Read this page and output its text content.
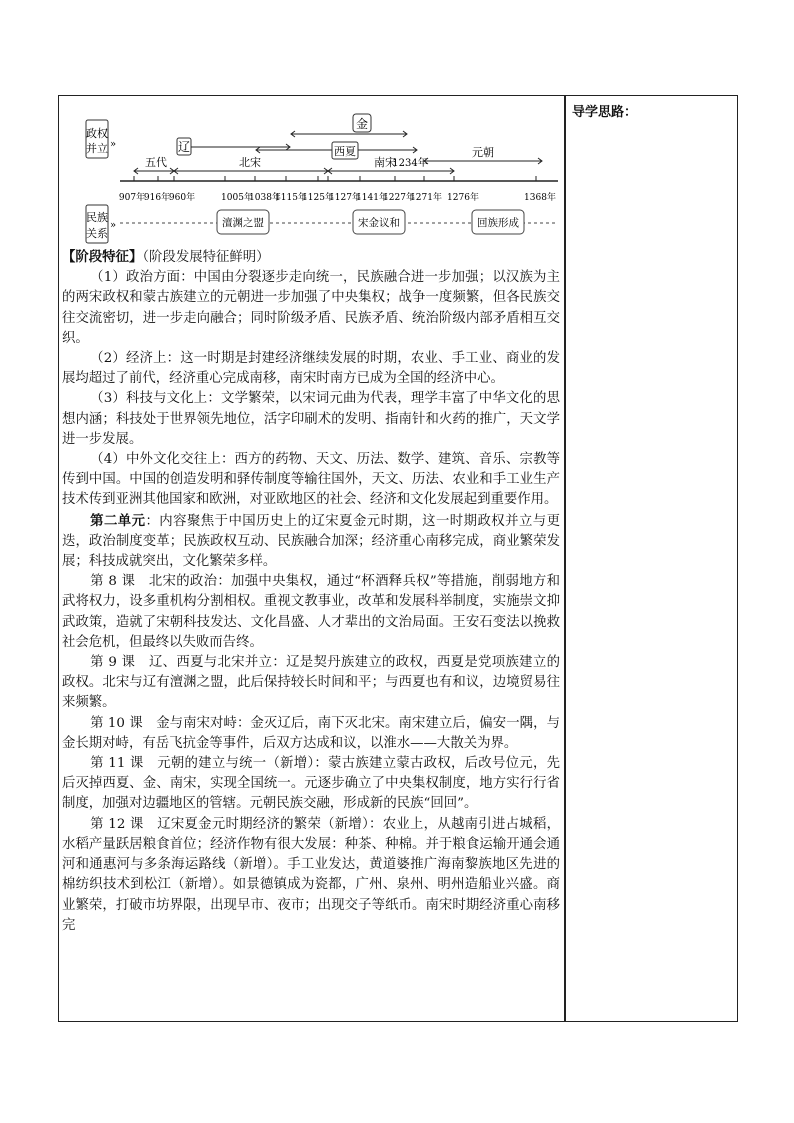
导学思路：
政权
并立 »
民族
关系
»
金
辽	西夏
五代	北宋	南宋
1234年
元朝
907年
916年
960年	1005年
1038年
1115年
1125年
1127年
1141年
1227年
1271年 1276年	1368年
澶渊之盟	宋金议和	回族形成

【阶段特征】（阶段发展特征鲜明）

（1）政治方面：中国由分裂逐步走向统一，民族融合进一步加强；以汉族为主的两宋政权和蒙古族建立的元朝进一步加强了中央集权；战争一度频繁，但各民族交往交流密切，进一步走向融合；同时阶级矛盾、民族矛盾、统治阶级内部矛盾相互交织。

（2）经济上：这一时期是封建经济继续发展的时期，农业、手工业、商业的发展均超过了前代，经济重心完成南移，南宋时南方已成为全国的经济中心。

（3）科技与文化上：文学繁荣，以宋词元曲为代表，理学丰富了中华文化的思想内涵；科技处于世界领先地位，活字印刷术的发明、指南针和火药的推广，天文学进一步发展。

（4）中外文化交往上：西方的药物、天文、历法、数学、建筑、音乐、宗教等传到中国。中国的创造发明和驿传制度等输往国外，天文、历法、农业和手工业生产技术传到亚洲其他国家和欧洲，对亚欧地区的社会、经济和文化发展起到重要作用。

第二单元：内容聚焦于中国历史上的辽宋夏金元时期，这一时期政权并立与更迭，政治制度变革；民族政权互动、民族融合加深；经济重心南移完成，商业繁荣发展；科技成就突出，文化繁荣多样。

第 8 课　北宋的政治：加强中央集权，通过“杯酒释兵权”等措施，削弱地方和武将权力，设多重机构分割相权。重视文教事业，改革和发展科举制度，实施崇文抑武政策，造就了宋朝科技发达、文化昌盛、人才辈出的文治局面。王安石变法以挽救社会危机，但最终以失败而告终。

第 9 课　辽、西夏与北宋并立：辽是契丹族建立的政权，西夏是党项族建立的政权。北宋与辽有澶渊之盟，此后保持较长时间和平；与西夏也有和议，边境贸易往来频繁。

第 10 课　金与南宋对峙：金灭辽后，南下灭北宋。南宋建立后，偏安一隅，与金长期对峙，有岳飞抗金等事件，后双方达成和议，以淮水——大散关为界。

第 11 课　元朝的建立与统一（新增）：蒙古族建立蒙古政权，后改号位元，先后灭掉西夏、金、南宋，实现全国统一。元逐步确立了中央集权制度，地方实行行省制度，加强对边疆地区的管辖。元朝民族交融，形成新的民族“回回”。

第 12 课　辽宋夏金元时期经济的繁荣（新增）：农业上，从越南引进占城稻，水稻产量跃居粮食首位；经济作物有很大发展：种茶、种棉。并于粮食运输开通会通河和通惠河与多条海运路线（新增）。手工业发达，黄道婆推广海南黎族地区先进的棉纺织技术到松江（新增）。如景德镇成为瓷都，广州、泉州、明州造船业兴盛。商业繁荣，打破市坊界限，出现早市、夜市；出现交子等纸币。南宋时期经济重心南移完
